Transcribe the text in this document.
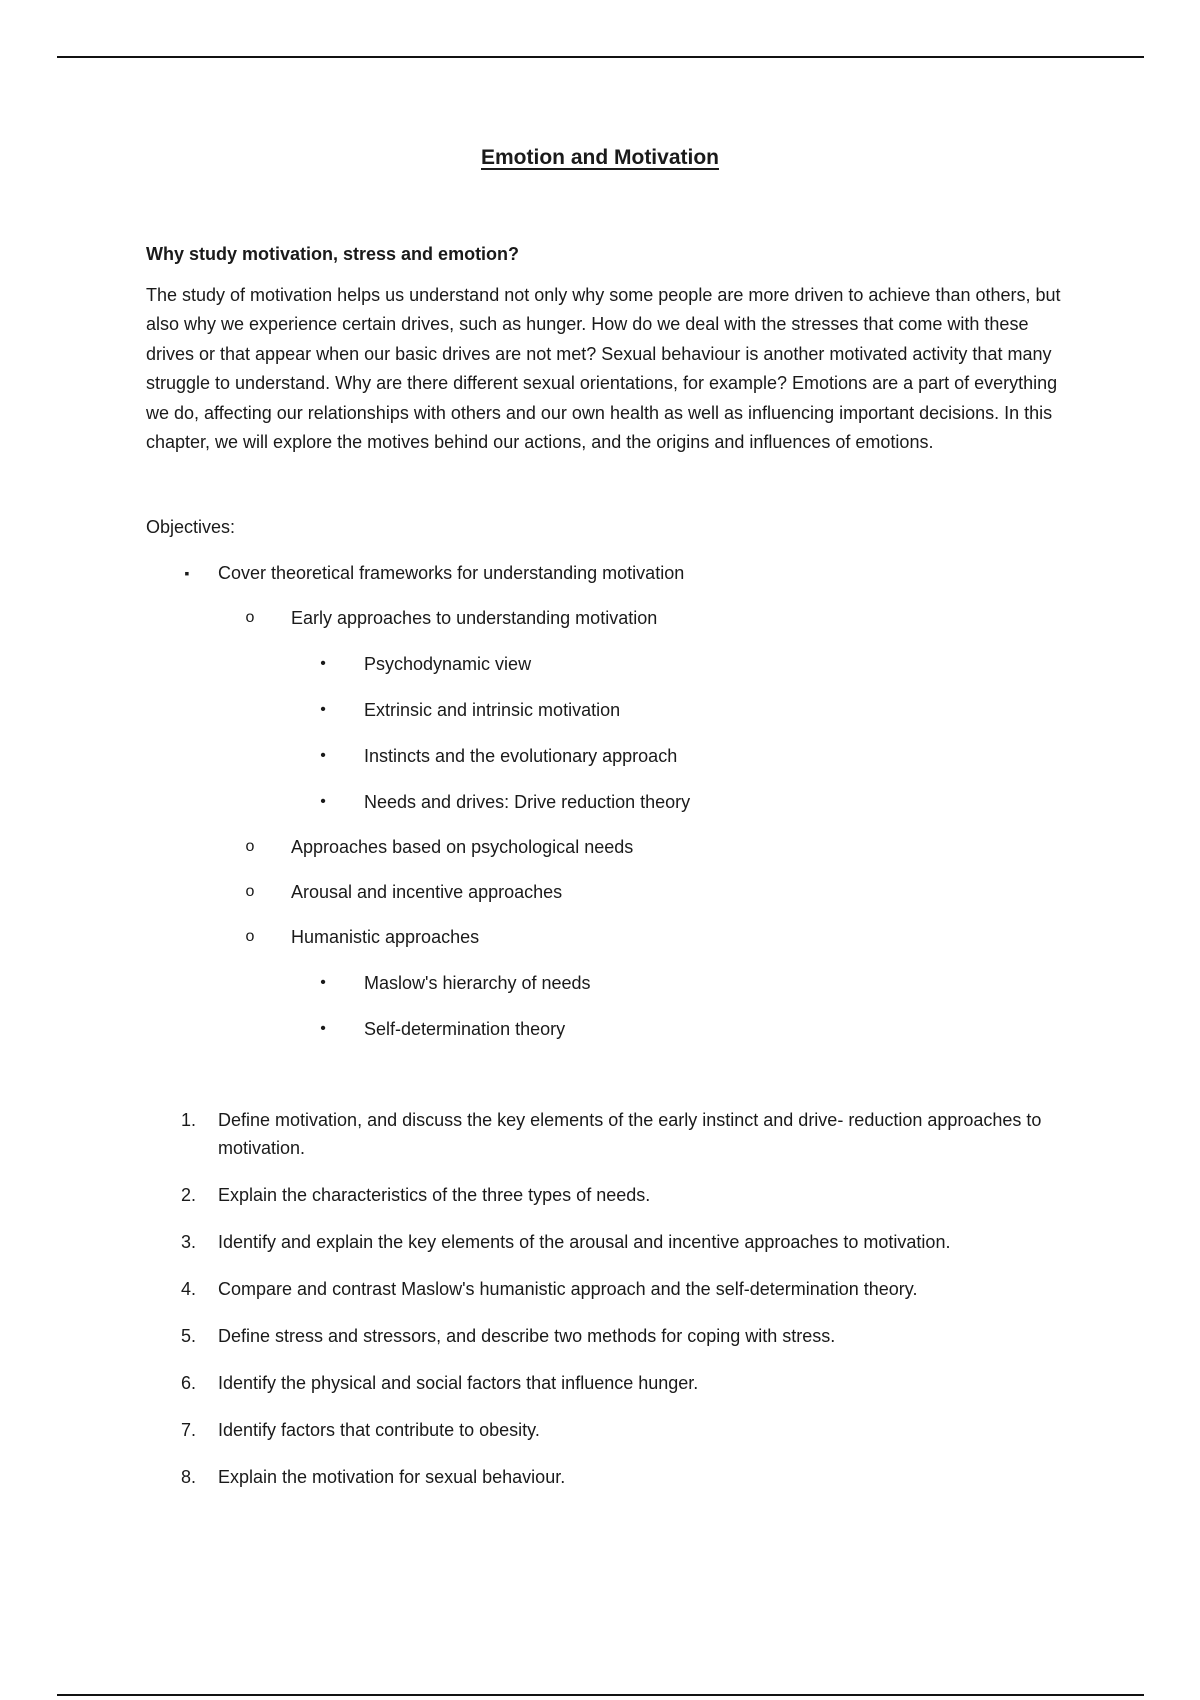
Emotion and Motivation

Why study motivation, stress and emotion?

The study of motivation helps us understand not only why some people are more driven to achieve than others, but also why we experience certain drives, such as hunger. How do we deal with the stresses that come with these drives or that appear when our basic drives are not met? Sexual behaviour is another motivated activity that many struggle to understand. Why are there different sexual orientations, for example? Emotions are a part of everything we do, affecting our relationships with others and our own health as well as influencing important decisions. In this chapter, we will explore the motives behind our actions, and the origins and influences of emotions.

Objectives:

▪	Cover theoretical frameworks for understanding motivation
o	Early approaches to understanding motivation
•	Psychodynamic view
•	Extrinsic and intrinsic motivation
•	Instincts and the evolutionary approach
•	Needs and drives: Drive reduction theory
o	Approaches based on psychological needs
o	Arousal and incentive approaches
o	Humanistic approaches
•	Maslow's hierarchy of needs
•	Self-determination theory
1. Define motivation, and discuss the key elements of the early instinct and drive- reduction approaches to motivation.
2. Explain the characteristics of the three types of needs.
3. Identify and explain the key elements of the arousal and incentive approaches to motivation.
4. Compare and contrast Maslow's humanistic approach and the self-determination theory.
5. Define stress and stressors, and describe two methods for coping with stress.
6. Identify the physical and social factors that influence hunger.
7. Identify factors that contribute to obesity.
8. Explain the motivation for sexual behaviour.
